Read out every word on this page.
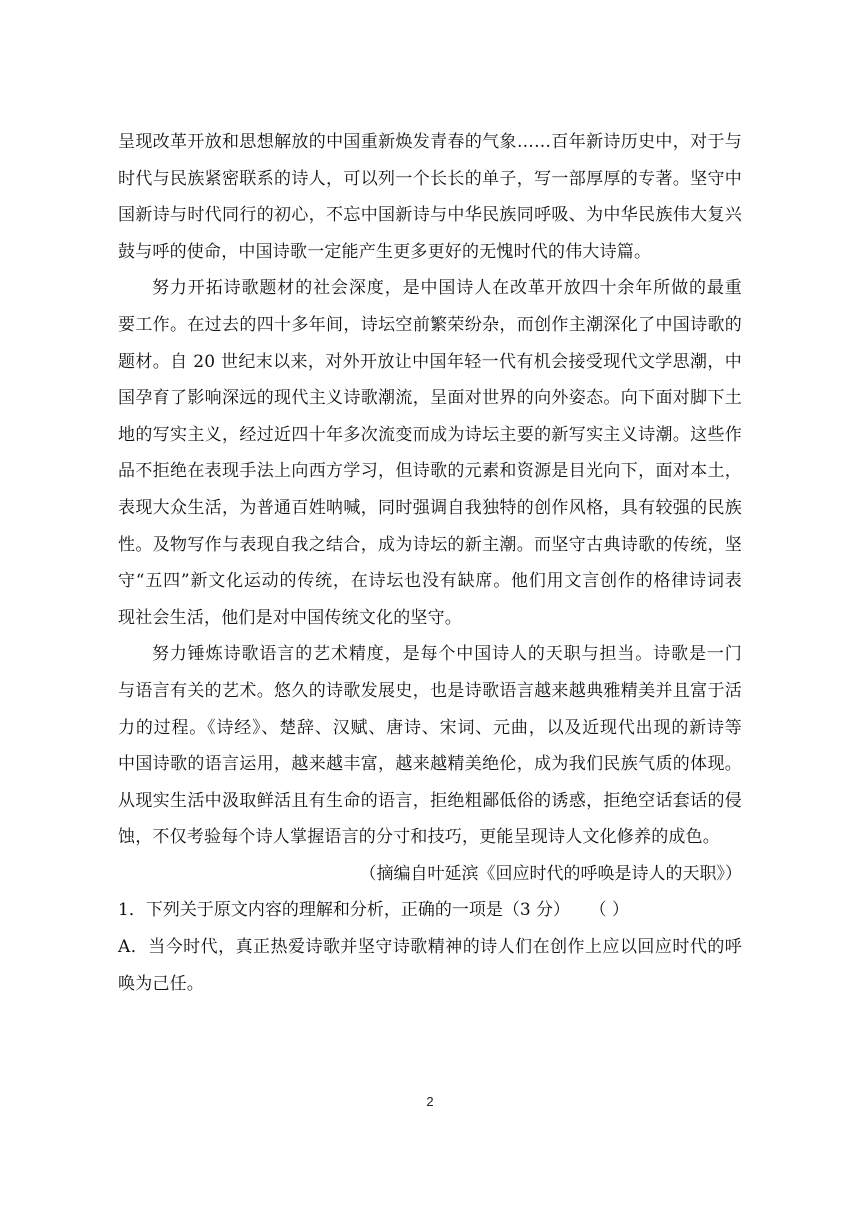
呈现改革开放和思想解放的中国重新焕发青春的气象……百年新诗历史中，对于与
时代与民族紧密联系的诗人，可以列一个长长的单子，写一部厚厚的专著。坚守中
国新诗与时代同行的初心，不忘中国新诗与中华民族同呼吸、为中华民族伟大复兴
鼓与呼的使命，中国诗歌一定能产生更多更好的无愧时代的伟大诗篇。

努力开拓诗歌题材的社会深度，是中国诗人在改革开放四十余年所做的最重
要工作。在过去的四十多年间，诗坛空前繁荣纷杂，而创作主潮深化了中国诗歌的
题材。自 20 世纪末以来，对外开放让中国年轻一代有机会接受现代文学思潮，中
国孕育了影响深远的现代主义诗歌潮流，呈面对世界的向外姿态。向下面对脚下土
地的写实主义，经过近四十年多次流变而成为诗坛主要的新写实主义诗潮。这些作
品不拒绝在表现手法上向西方学习，但诗歌的元素和资源是目光向下，面对本土，
表现大众生活，为普通百姓呐喊，同时强调自我独特的创作风格，具有较强的民族
性。及物写作与表现自我之结合，成为诗坛的新主潮。而坚守古典诗歌的传统，坚
守“五四”新文化运动的传统，在诗坛也没有缺席。他们用文言创作的格律诗词表
现社会生活，他们是对中国传统文化的坚守。

努力锤炼诗歌语言的艺术精度，是每个中国诗人的天职与担当。诗歌是一门
与语言有关的艺术。悠久的诗歌发展史，也是诗歌语言越来越典雅精美并且富于活
力的过程。《诗经》、楚辞、汉赋、唐诗、宋词、元曲，以及近现代出现的新诗等
中国诗歌的语言运用，越来越丰富，越来越精美绝伦，成为我们民族气质的体现。
从现实生活中汲取鲜活且有生命的语言，拒绝粗鄙低俗的诱惑，拒绝空话套话的侵
蚀，不仅考验每个诗人掌握语言的分寸和技巧，更能呈现诗人文化修养的成色。

（摘编自叶延滨《回应时代的呼唤是诗人的天职》）

1．下列关于原文内容的理解和分析，正确的一项是（3 分） （ ）

A．当今时代，真正热爱诗歌并坚守诗歌精神的诗人们在创作上应以回应时代的呼
唤为己任。

2
